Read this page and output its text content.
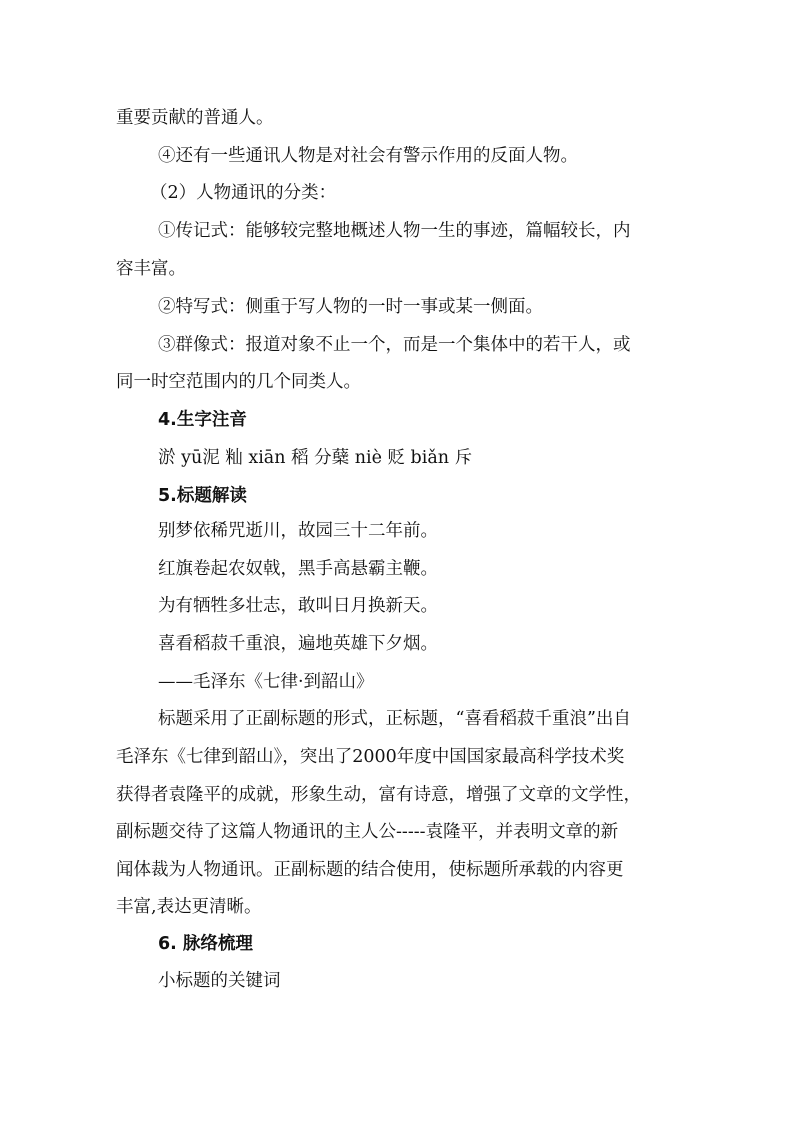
重要贡献的普通人。
④还有一些通讯人物是对社会有警示作用的反面人物。
（2）人物通讯的分类：
①传记式：能够较完整地概述人物一生的事迹，篇幅较长，内
容丰富。
②特写式：侧重于写人物的一时一事或某一侧面。
③群像式：报道对象不止一个，而是一个集体中的若干人，或
同一时空范围内的几个同类人。
4.生字注音
淤 yū泥 籼 xiān 稻 分蘖 niè 贬 biǎn 斥
5.标题解读
别梦依稀咒逝川，故园三十二年前。
红旗卷起农奴戟，黑手高悬霸主鞭。
为有牺牲多壮志，敢叫日月换新天。
喜看稻菽千重浪，遍地英雄下夕烟。
——毛泽东《七律·到韶山》
标题采用了正副标题的形式，正标题，“喜看稻菽千重浪”出自
毛泽东《七律到韶山》，突出了2000年度中国国家最高科学技术奖
获得者袁隆平的成就，形象生动，富有诗意，增强了文章的文学性，
副标题交待了这篇人物通讯的主人公-----袁隆平，并表明文章的新
闻体裁为人物通讯。正副标题的结合使用，使标题所承载的内容更
丰富,表达更清晰。
6. 脉络梳理
小标题的关键词
